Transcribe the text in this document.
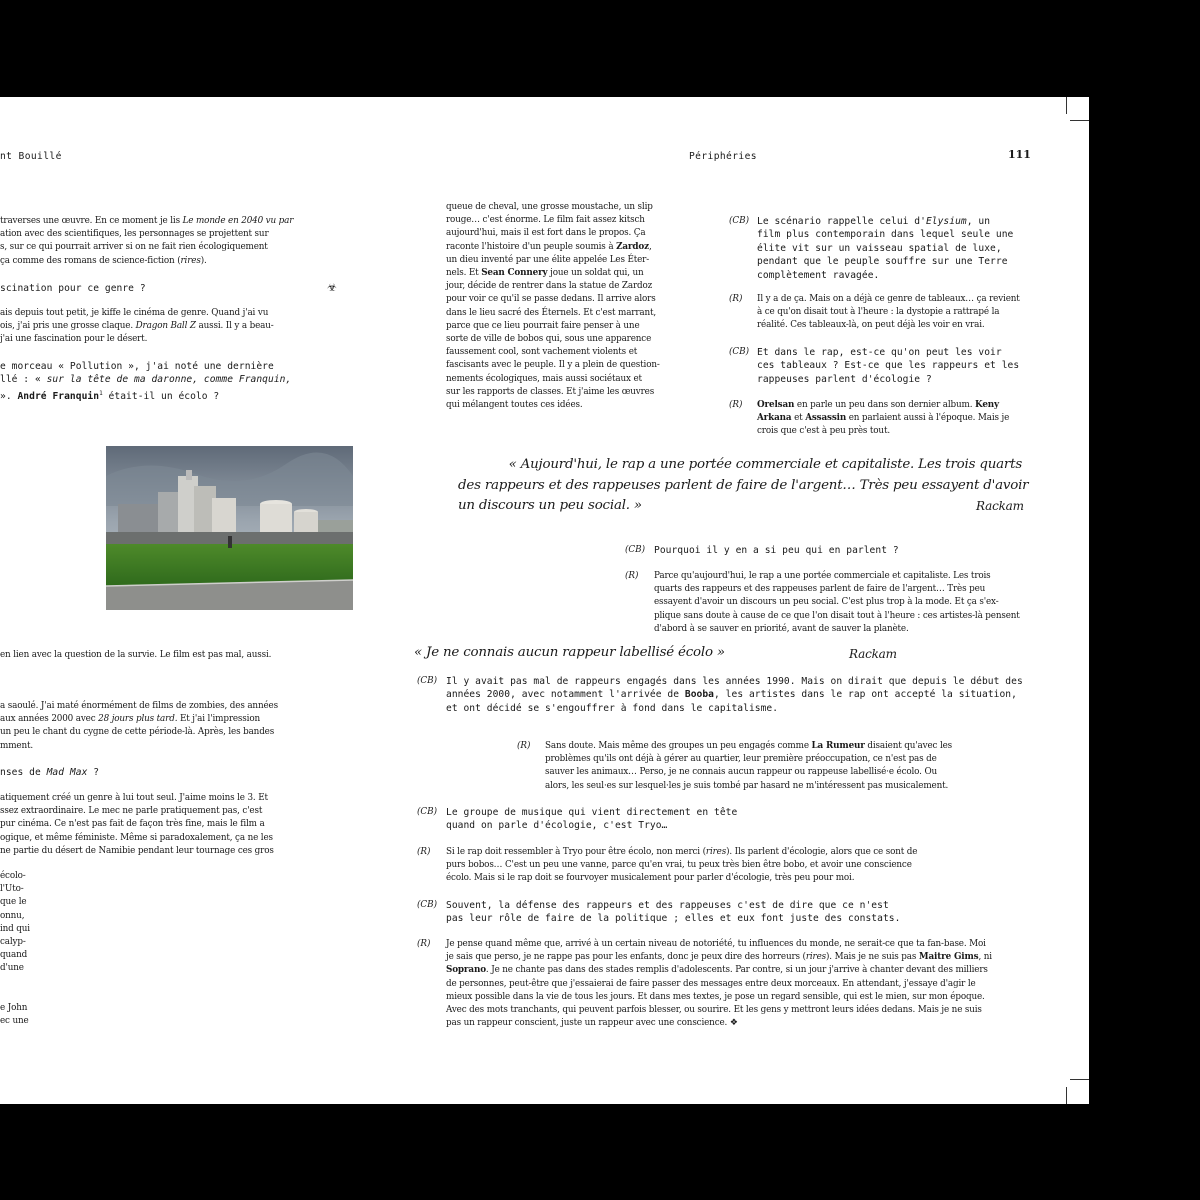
nt Bouillé	Périphéries	111
traverses une œuvre. En ce moment je lis Le monde en 2040 vu par
ation avec des scientifiques, les personnages se projettent sur
s, sur ce qui pourrait arriver si on ne fait rien écologiquement
ça comme des romans de science-fiction (rires).
scination pour ce genre ?	☣
ais depuis tout petit, je kiffe le cinéma de genre. Quand j'ai vu
ois, j'ai pris une grosse claque. Dragon Ball Z aussi. Il y a beau-
j'ai une fascination pour le désert.
e morceau « Pollution », j'ai noté une dernière
llé : « sur la tête de ma daronne, comme Franquin,
». André Franquin$^1$ était-il un écolo ?
en lien avec la question de la survie. Le film est pas mal, aussi.
a saoulé. J'ai maté énormément de films de zombies, des années
aux années 2000 avec 28 jours plus tard. Et j'ai l'impression
un peu le chant du cygne de cette période-là. Après, les bandes
mment.
nses de Mad Max ?
atiquement créé un genre à lui tout seul. J'aime moins le 3. Et
ssez extraordinaire. Le mec ne parle pratiquement pas, c'est
pur cinéma. Ce n'est pas fait de façon très fine, mais le film a
ogique, et même féministe. Même si paradoxalement, ça ne les
ne partie du désert de Namibie pendant leur tournage ces gros
écolo-
l'Uto-
que le
onnu,
ind qui
calyp-
quand
d'une
e John
ec une
queue de cheval, une grosse moustache, un slip
rouge… c'est énorme. Le film fait assez kitsch
aujourd'hui, mais il est fort dans le propos. Ça
raconte l'histoire d'un peuple soumis à Zardoz,
un dieu inventé par une élite appelée Les Éter-
nels. Et Sean Connery joue un soldat qui, un
jour, décide de rentrer dans la statue de Zardoz
pour voir ce qu'il se passe dedans. Il arrive alors
dans le lieu sacré des Éternels. Et c'est marrant,
parce que ce lieu pourrait faire penser à une
sorte de ville de bobos qui, sous une apparence
faussement cool, sont vachement violents et
fascisants avec le peuple. Il y a plein de question-
nements écologiques, mais aussi sociétaux et
sur les rapports de classes. Et j'aime les œuvres
qui mélangent toutes ces idées.
(CB) Le scénario rappelle celui d'Elysium, un
film plus contemporain dans lequel seule une
élite vit sur un vaisseau spatial de luxe,
pendant que le peuple souffre sur une Terre
complètement ravagée.
(R) Il y a de ça. Mais on a déjà ce genre de tableaux… ça revient
à ce qu'on disait tout à l'heure : la dystopie a rattrapé la
réalité. Ces tableaux-là, on peut déjà les voir en vrai.
(CB) Et dans le rap, est-ce qu'on peut les voir
ces tableaux ? Est-ce que les rappeurs et les
rappeuses parlent d'écologie ?
(R) Orelsan en parle un peu dans son dernier album. Keny
Arkana et Assassin en parlaient aussi à l'époque. Mais je
crois que c'est à peu près tout.
« Aujourd'hui, le rap a une portée commerciale et capitaliste. Les trois quarts
des rappeurs et des rappeuses parlent de faire de l'argent… Très peu essayent d'avoir
un discours un peu social. »	Rackam
(CB) Pourquoi il y en a si peu qui en parlent ?
(R) Parce qu'aujourd'hui, le rap a une portée commerciale et capitaliste. Les trois
quarts des rappeurs et des rappeuses parlent de faire de l'argent… Très peu
essayent d'avoir un discours un peu social. C'est plus trop à la mode. Et ça s'ex-
plique sans doute à cause de ce que l'on disait tout à l'heure : ces artistes-là pensent
d'abord à se sauver en priorité, avant de sauver la planète.
« Je ne connais aucun rappeur labellisé écolo »	Rackam
(CB) Il y avait pas mal de rappeurs engagés dans les années 1990. Mais on dirait que depuis le début des
années 2000, avec notamment l'arrivée de Booba, les artistes dans le rap ont accepté la situation,
et ont décidé se s'engouffrer à fond dans le capitalisme.
(R) Sans doute. Mais même des groupes un peu engagés comme La Rumeur disaient qu'avec les
problèmes qu'ils ont déjà à gérer au quartier, leur première préoccupation, ce n'est pas de
sauver les animaux… Perso, je ne connais aucun rappeur ou rappeuse labellisé·e écolo. Ou
alors, les seul·es sur lesquel·les je suis tombé par hasard ne m'intéressent pas musicalement.
(CB) Le groupe de musique qui vient directement en tête
quand on parle d'écologie, c'est Tryo…
(R) Si le rap doit ressembler à Tryo pour être écolo, non merci (rires). Ils parlent d'écologie, alors que ce sont de
purs bobos… C'est un peu une vanne, parce qu'en vrai, tu peux très bien être bobo, et avoir une conscience
écolo. Mais si le rap doit se fourvoyer musicalement pour parler d'écologie, très peu pour moi.
(CB) Souvent, la défense des rappeurs et des rappeuses c'est de dire que ce n'est
pas leur rôle de faire de la politique ; elles et eux font juste des constats.
(R) Je pense quand même que, arrivé à un certain niveau de notoriété, tu influences du monde, ne serait-ce que ta fan-base. Moi
je sais que perso, je ne rappe pas pour les enfants, donc je peux dire des horreurs (rires). Mais je ne suis pas Maitre Gims, ni
Soprano. Je ne chante pas dans des stades remplis d'adolescents. Par contre, si un jour j'arrive à chanter devant des milliers
de personnes, peut-être que j'essaierai de faire passer des messages entre deux morceaux. En attendant, j'essaye d'agir le
mieux possible dans la vie de tous les jours. Et dans mes textes, je pose un regard sensible, qui est le mien, sur mon époque.
Avec des mots tranchants, qui peuvent parfois blesser, ou sourire. Et les gens y mettront leurs idées dedans. Mais je ne suis
pas un rappeur conscient, juste un rappeur avec une conscience. ❖
